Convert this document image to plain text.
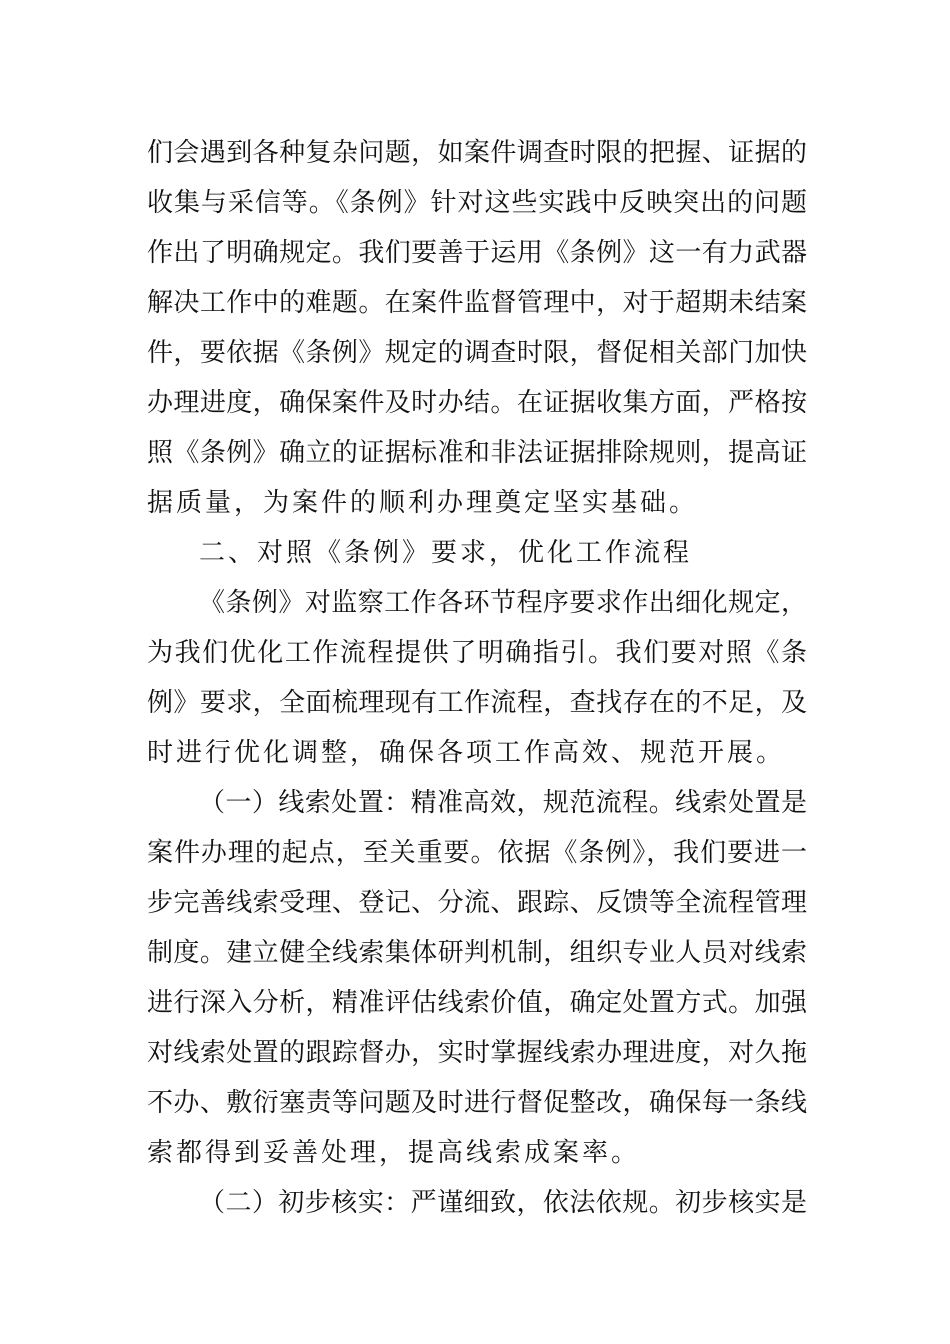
们会遇到各种复杂问题，如案件调查时限的把握、证据的
收集与采信等。《条例》针对这些实践中反映突出的问题
作出了明确规定。我们要善于运用《条例》这一有力武器
解决工作中的难题。在案件监督管理中，对于超期未结案
件，要依据《条例》规定的调查时限，督促相关部门加快
办理进度，确保案件及时办结。在证据收集方面，严格按
照《条例》确立的证据标准和非法证据排除规则，提高证
据质量，为案件的顺利办理奠定坚实基础。
二、对照《条例》要求，优化工作流程
《条例》对监察工作各环节程序要求作出细化规定，
为我们优化工作流程提供了明确指引。我们要对照《条
例》要求，全面梳理现有工作流程，查找存在的不足，及
时进行优化调整，确保各项工作高效、规范开展。
（一）线索处置：精准高效，规范流程。线索处置是
案件办理的起点，至关重要。依据《条例》，我们要进一
步完善线索受理、登记、分流、跟踪、反馈等全流程管理
制度。建立健全线索集体研判机制，组织专业人员对线索
进行深入分析，精准评估线索价值，确定处置方式。加强
对线索处置的跟踪督办，实时掌握线索办理进度，对久拖
不办、敷衍塞责等问题及时进行督促整改，确保每一条线
索都得到妥善处理，提高线索成案率。
（二）初步核实：严谨细致，依法依规。初步核实是
